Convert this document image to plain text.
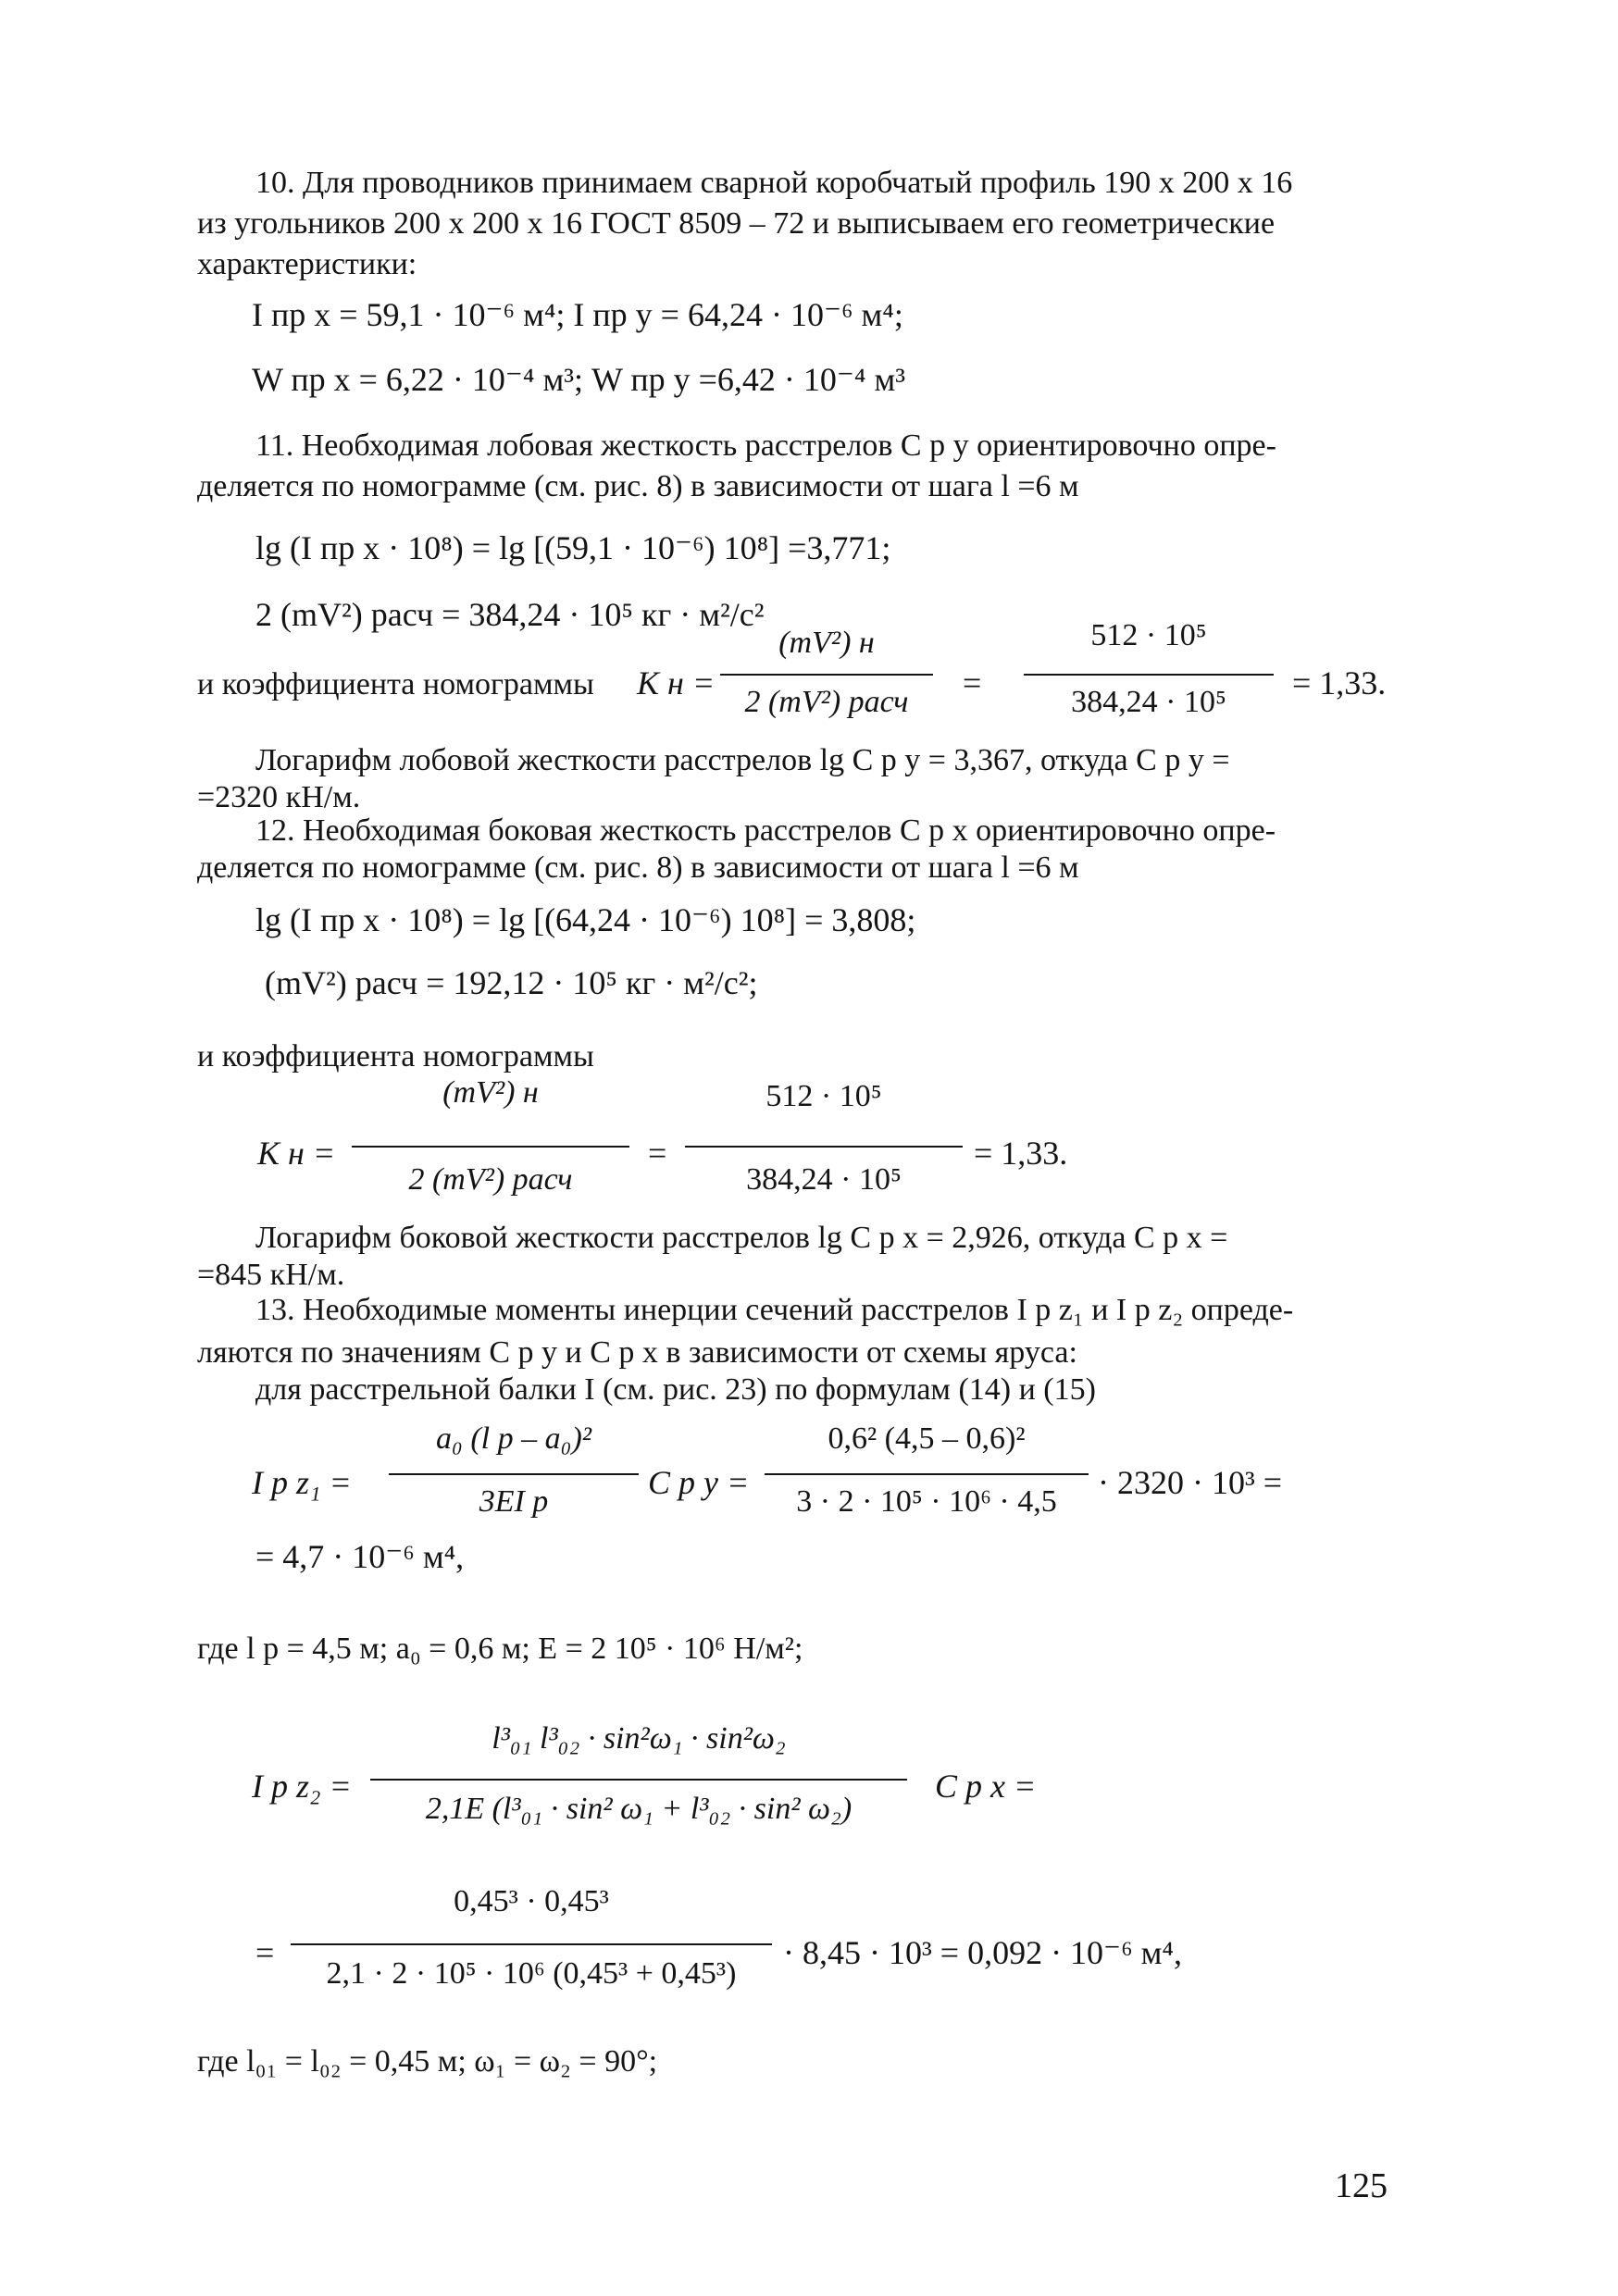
10. Для проводников принимаем сварной коробчатый профиль 190 х 200 х 16
из угольников 200 х 200 х 16 ГОСТ 8509 – 72 и выписываем его геометрические
характеристики:
I пр x = 59,1 · 10⁻⁶ м⁴; I пр y = 64,24 · 10⁻⁶ м⁴;
W пр x = 6,22 · 10⁻⁴ м³; W пр y =6,42 · 10⁻⁴ м³
11. Необходимая лобовая жесткость расстрелов C p y ориентировочно опре-
деляется по номограмме (см. рис. 8) в зависимости от шага l =6 м
lg (I пр x · 10⁸) = lg [(59,1 · 10⁻⁶) 10⁸] =3,771;
2 (mV²) расч = 384,24 · 10⁵ кг · м²/с²
и коэффициента номограммы K н =
(mV²) н
2 (mV²) расч
=
512 · 10⁵
384,24 · 10⁵
= 1,33.
Логарифм лобовой жесткости расстрелов lg C p y = 3,367, откуда C p y =
=2320 кН/м.
12. Необходимая боковая жесткость расстрелов C p x ориентировочно опре-
деляется по номограмме (см. рис. 8) в зависимости от шага l =6 м
lg (I пр x · 10⁸) = lg [(64,24 · 10⁻⁶) 10⁸] = 3,808;
(mV²) расч = 192,12 · 10⁵ кг · м²/с²;
и коэффициента номограммы
K н =
(mV²) н
2 (mV²) расч
=
512 · 10⁵
384,24 · 10⁵
= 1,33.
Логарифм боковой жесткости расстрелов lg C p x = 2,926, откуда C p x =
=845 кН/м.
13. Необходимые моменты инерции сечений расстрелов I p z₁ и I p z₂ опреде-
ляются по значениям C p y и C p x в зависимости от схемы яруса:
для расстрельной балки I (см. рис. 23) по формулам (14) и (15)
I p z₁ =
a₀ (l р – a₀)²
3EI р
C p y =
0,6² (4,5 – 0,6)²
3 · 2 · 10⁵ · 10⁶ · 4,5
· 2320 · 10³ =
= 4,7 · 10⁻⁶ м⁴,
где l р = 4,5 м; a₀ = 0,6 м; E = 2 10⁵ · 10⁶ Н/м²;
I p z₂ =
l³₀₁ l³₀₂ · sin²ω₁ · sin²ω₂
2,1E (l³₀₁ · sin² ω₁ + l³₀₂ · sin² ω₂)
C p x =
=
0,45³ · 0,45³
2,1 · 2 · 10⁵ · 10⁶ (0,45³ + 0,45³)
· 8,45 · 10³ = 0,092 · 10⁻⁶ м⁴,
где l₀₁ = l₀₂ = 0,45 м; ω₁ = ω₂ = 90°;
125
